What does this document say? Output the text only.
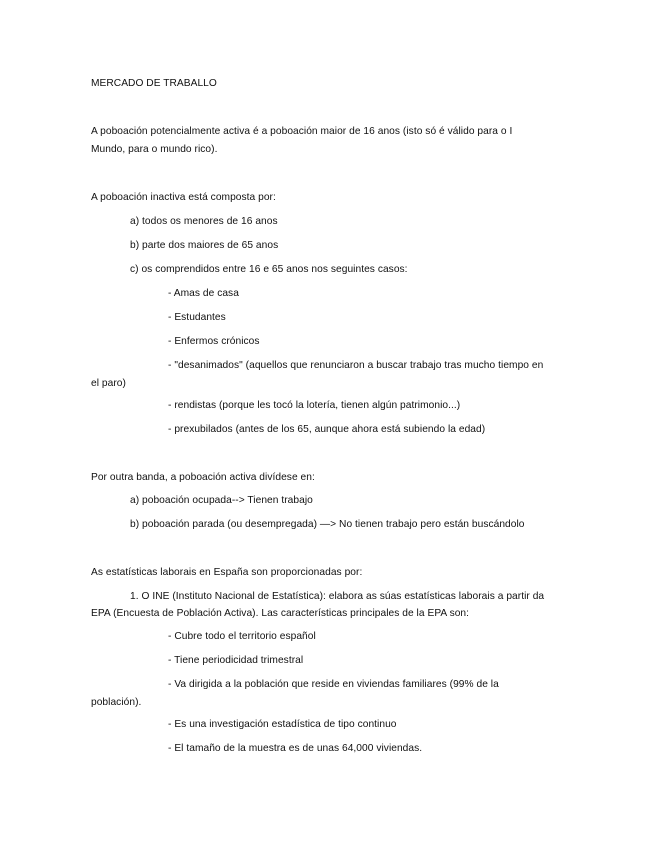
MERCADO DE TRABALLO
A poboación potencialmente activa é a poboación maior de 16 anos (isto só é válido para o I
Mundo, para o mundo rico).
A poboación inactiva está composta por:
a) todos os menores de 16 anos
b) parte dos maiores de 65 anos
c) os comprendidos entre 16 e 65 anos nos seguintes casos:
- Amas de casa
- Estudantes
- Enfermos crónicos
- "desanimados" (aquellos que renunciaron a buscar trabajo tras mucho tiempo en
el paro)
- rendistas (porque les tocó la lotería, tienen algún patrimonio...)
- prexubilados (antes de los 65, aunque ahora está subiendo la edad)
Por outra banda, a poboación activa divídese en:
a) poboación ocupada--> Tienen trabajo
b) poboación parada (ou desempregada) —> No tienen trabajo pero están buscándolo
As estatísticas laborais en España son proporcionadas por:
1. O INE (Instituto Nacional de Estatística): elabora as súas estatísticas laborais a partir da
EPA (Encuesta de Población Activa). Las características principales de la EPA son:
- Cubre todo el territorio español
- Tiene periodicidad trimestral
- Va dirigida a la población que reside en viviendas familiares (99% de la
población).
- Es una investigación estadística de tipo continuo
- El tamaño de la muestra es de unas 64,000 viviendas.
